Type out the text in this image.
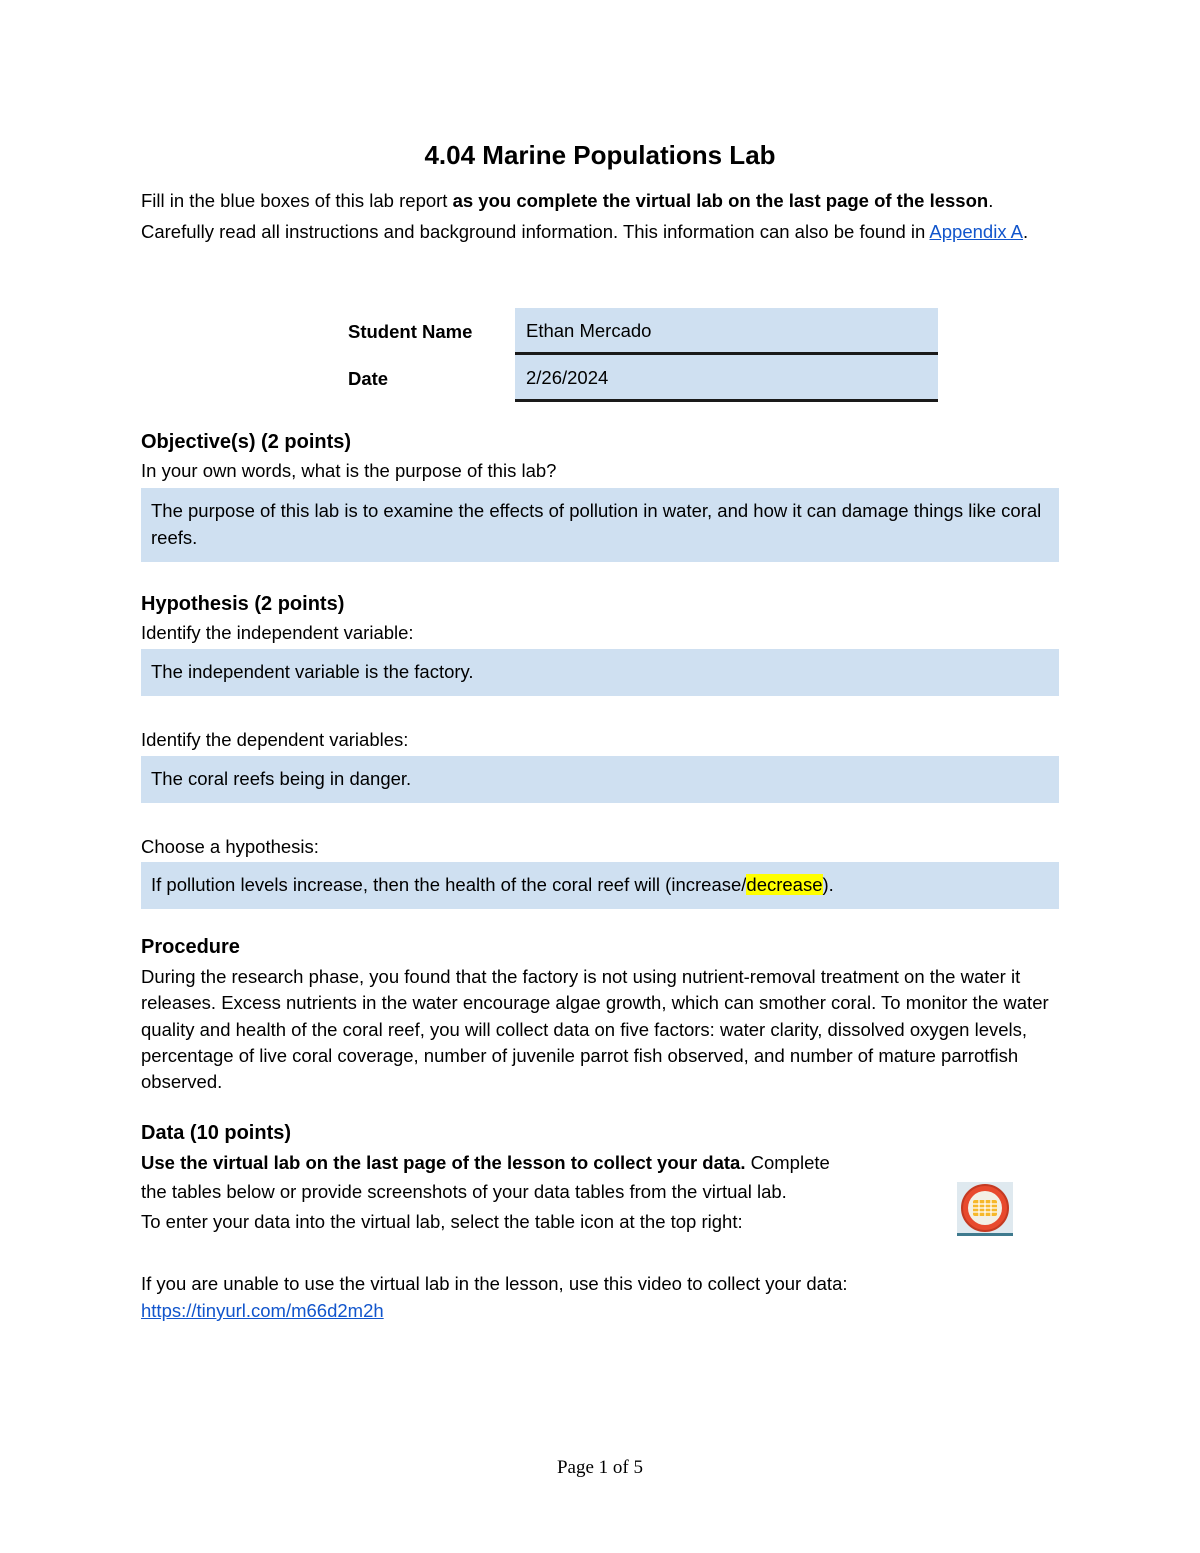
4.04 Marine Populations Lab

Fill in the blue boxes of this lab report as you complete the virtual lab on the last page of the lesson. Carefully read all instructions and background information. This information can also be found in Appendix A.

Student Name	Ethan Mercado
Date	2/26/2024
Objective(s) (2 points)

In your own words, what is the purpose of this lab?

The purpose of this lab is to examine the effects of pollution in water, and how it can damage things like coral reefs.
Hypothesis (2 points)

Identify the independent variable:

The independent variable is the factory.

Identify the dependent variables:

The coral reefs being in danger.

Choose a hypothesis:

If pollution levels increase, then the health of the coral reef will (increase/decrease).
Procedure

During the research phase, you found that the factory is not using nutrient-removal treatment on the water it releases. Excess nutrients in the water encourage algae growth, which can smother coral. To monitor the water quality and health of the coral reef, you will collect data on five factors: water clarity, dissolved oxygen levels, percentage of live coral coverage, number of juvenile parrot fish observed, and number of mature parrotfish observed.

Data (10 points)
Use the virtual lab on the last page of the lesson to collect your data. Complete
the tables below or provide screenshots of your data tables from the virtual lab.
To enter your data into the virtual lab, select the table icon at the top right:

If you are unable to use the virtual lab in the lesson, use this video to collect your data:

https://tinyurl.com/m66d2m2h
Page 1 of 5
